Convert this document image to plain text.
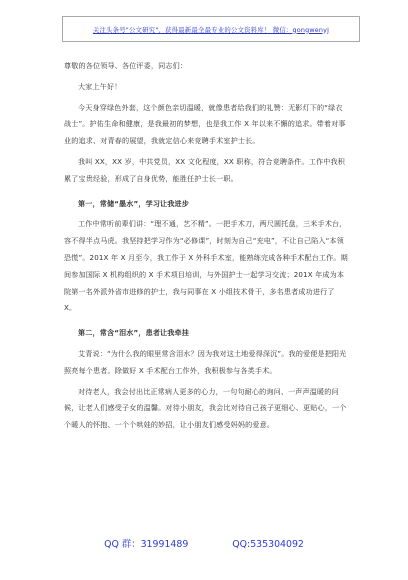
关注头条号"公文研究"，获得最新最全最专业的公文资料库！ 微信：gongwenyj

尊敬的各位领导、各位评委，同志们：

大家上午好！

今天身穿绿色外套，这个颜色亲切温暖，就像患者给我们的礼赞：无影灯下的“绿衣战士”。护佑生命和健康，是我最初的梦想，也是我工作 X 年以来不懈的追求。带着对事业的追求、对青春的展望，我就定信心来竞聘手术室护士长。

我叫 XX，XX 岁，中共党员，XX 文化程度，XX 职称，符合竞聘条件。工作中我积累了宝贵经验，形成了自身优势，能胜任护士长一职。

第一，常储“墨水”，学习让我进步

工作中常听前辈们讲：“理不通，艺不精”。一把手术刀，两尺圆托盘，三米手术台，容不得半点马虎。我坚持把学习作为“必修课”，时刻为自己“充电”，不让自己陷入“本领恐慌”。201X 年 X 月至今，我工作于 X 外科手术室，能熟练完成各种手术配台工作。期间参加国际 X 机构组织的 X 手术项目培训，与外国护士一起学习交流；201X 年成为本院第一名外派外省市进修的护士，我与同事在 X 小组技术骨干，多名患者成功进行了 X。

第二，常含“泪水”，患者让我牵挂

艾青说：“为什么我的眼里常含泪水？因为我对这土地爱得深沉”。我的爱便是把阳光照亮每个患者。除做好 X 手术配台工作外，我积极参与各类手术。

对待老人，我会付出比正常病人更多的心力，一句句耐心的询问、一声声温暖的问候，让老人们感受子女的温馨。对待小朋友，我会比对待自己孩子更细心、更贴心，一个个暖人的怀抱、一个个哄娃的妙招，让小朋友们感受妈妈的爱意。

QQ 群：31991489	QQ:535304092
